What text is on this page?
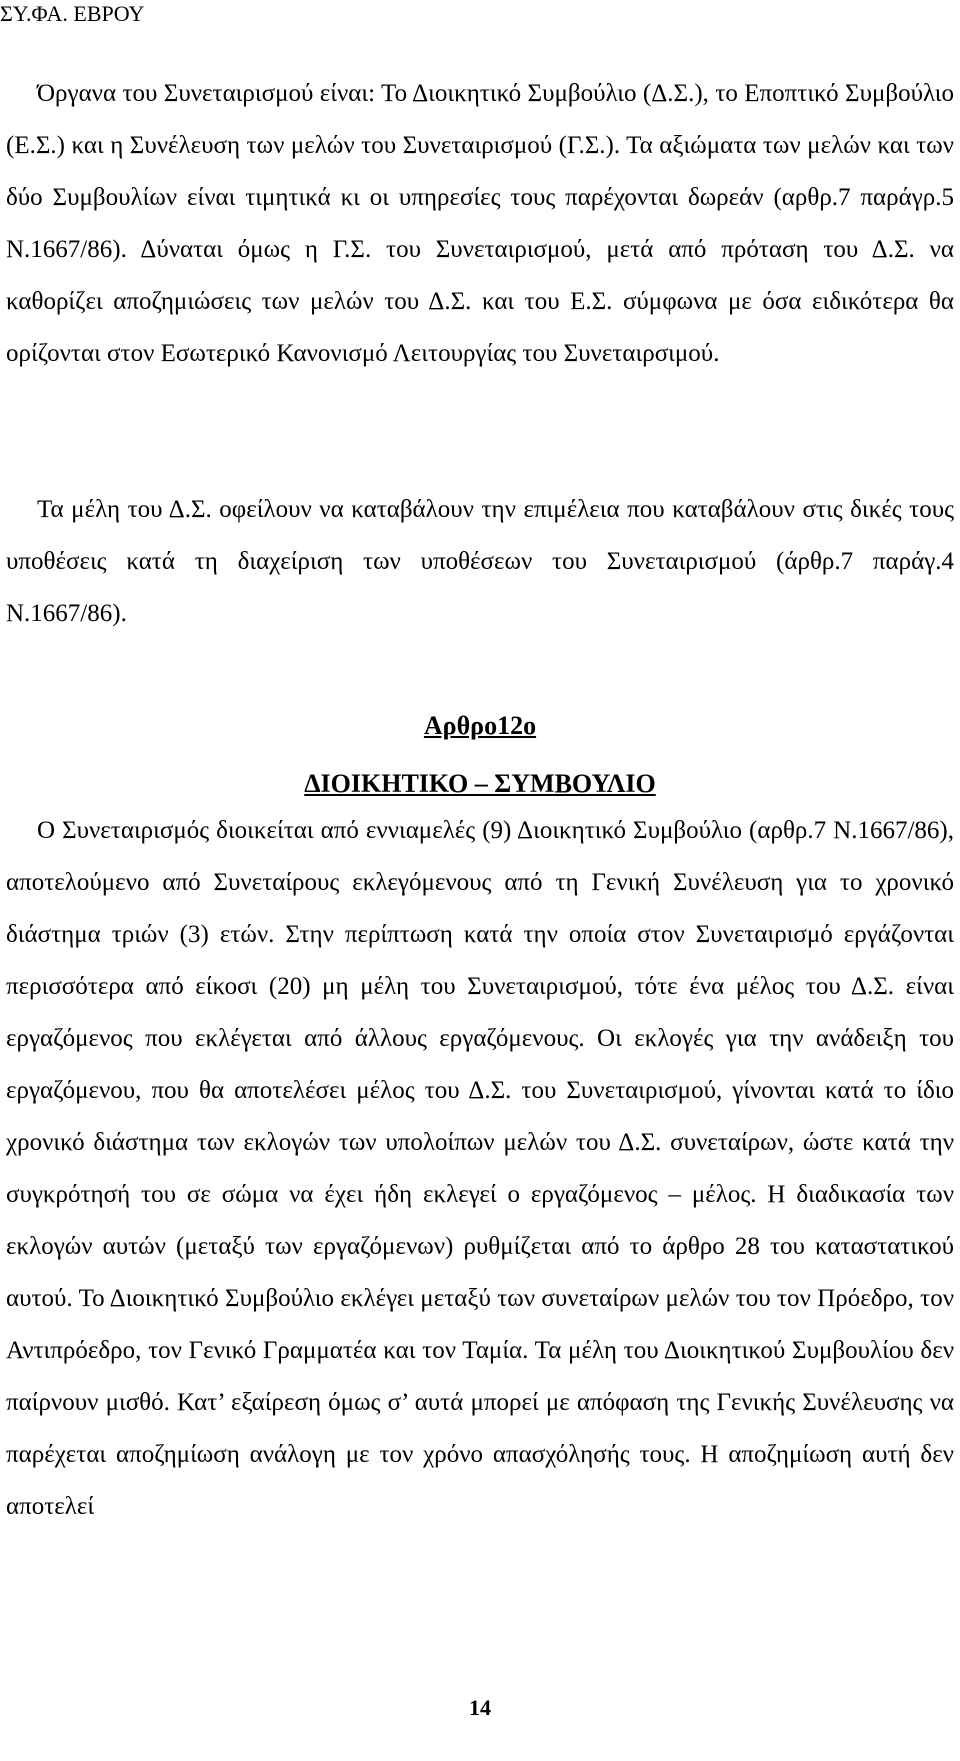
ΣΥ.ΦΑ. ΕΒΡΟΥ

Όργανα του Συνεταιρισμού είναι: Το Διοικητικό Συμβούλιο (Δ.Σ.), το Εποπτικό Συμβούλιο (Ε.Σ.) και η Συνέλευση των μελών του Συνεταιρισμού (Γ.Σ.). Τα αξιώματα των μελών και των δύο Συμβουλίων είναι τιμητικά κι οι υπηρεσίες τους παρέχονται δωρεάν (αρθρ.7 παράγρ.5 Ν.1667/86). Δύναται όμως η Γ.Σ. του Συνεταιρισμού, μετά από πρόταση του Δ.Σ. να καθορίζει αποζημιώσεις των μελών του Δ.Σ. και του Ε.Σ. σύμφωνα με όσα ειδικότερα θα ορίζονται στον Εσωτερικό Κανονισμό Λειτουργίας του Συνεταιρσιμού.

Τα μέλη του Δ.Σ. οφείλουν να καταβάλουν την επιμέλεια που καταβάλουν στις δικές τους υποθέσεις κατά τη διαχείριση των υποθέσεων του Συνεταιρισμού (άρθρ.7 παράγ.4 Ν.1667/86).

Αρθρο12ο
ΔΙΟΙΚΗΤΙΚΟ – ΣΥΜΒΟΥΛΙΟ

Ο Συνεταιρισμός διοικείται από εννιαμελές (9) Διοικητικό Συμβούλιο (αρθρ.7 Ν.1667/86), αποτελούμενο από Συνεταίρους εκλεγόμενους από τη Γενική Συνέλευση για το χρονικό διάστημα τριών (3) ετών. Στην περίπτωση κατά την οποία στον Συνεταιρισμό εργάζονται περισσότερα από είκοσι (20) μη μέλη του Συνεταιρισμού, τότε ένα μέλος του Δ.Σ. είναι εργαζόμενος που εκλέγεται από άλλους εργαζόμενους. Οι εκλογές για την ανάδειξη του εργαζόμενου, που θα αποτελέσει μέλος του Δ.Σ. του Συνεταιρισμού, γίνονται κατά το ίδιο χρονικό διάστημα των εκλογών των υπολοίπων μελών του Δ.Σ. συνεταίρων, ώστε κατά την συγκρότησή του σε σώμα να έχει ήδη εκλεγεί ο εργαζόμενος – μέλος. Η διαδικασία των εκλογών αυτών (μεταξύ των εργαζόμενων) ρυθμίζεται από το άρθρο 28 του καταστατικού αυτού. Το Διοικητικό Συμβούλιο εκλέγει μεταξύ των συνεταίρων μελών του τον Πρόεδρο, τον Αντιπρόεδρο, τον Γενικό Γραμματέα και τον Ταμία. Τα μέλη του Διοικητικού Συμβουλίου δεν παίρνουν μισθό. Κατ’ εξαίρεση όμως σ’ αυτά μπορεί με απόφαση της Γενικής Συνέλευσης να παρέχεται αποζημίωση ανάλογη με τον χρόνο απασχόλησής τους. Η αποζημίωση αυτή δεν αποτελεί

14
